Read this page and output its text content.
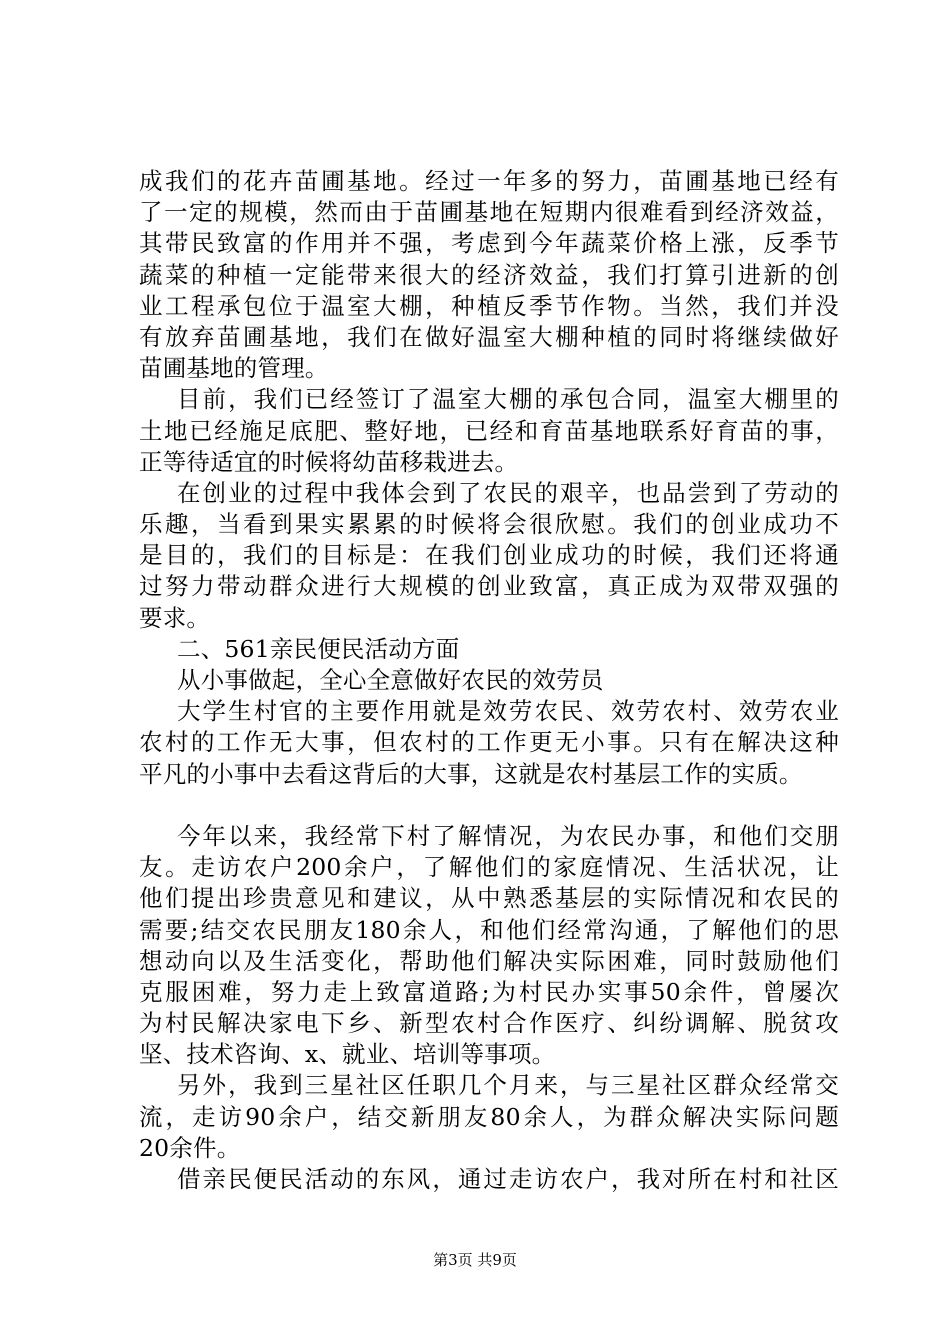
成我们的花卉苗圃基地。经过一年多的努力，苗圃基地已经有
了一定的规模，然而由于苗圃基地在短期内很难看到经济效益，
其带民致富的作用并不强，考虑到今年蔬菜价格上涨，反季节
蔬菜的种植一定能带来很大的经济效益，我们打算引进新的创
业工程承包位于温室大棚，种植反季节作物。当然，我们并没
有放弃苗圃基地，我们在做好温室大棚种植的同时将继续做好
苗圃基地的管理。
目前，我们已经签订了温室大棚的承包合同，温室大棚里的
土地已经施足底肥、整好地，已经和育苗基地联系好育苗的事，
正等待适宜的时候将幼苗移栽进去。
在创业的过程中我体会到了农民的艰辛，也品尝到了劳动的
乐趣，当看到果实累累的时候将会很欣慰。我们的创业成功不
是目的，我们的目标是：在我们创业成功的时候，我们还将通
过努力带动群众进行大规模的创业致富，真正成为双带双强的
要求。
二、561亲民便民活动方面
从小事做起，全心全意做好农民的效劳员
大学生村官的主要作用就是效劳农民、效劳农村、效劳农业
农村的工作无大事，但农村的工作更无小事。只有在解决这种
平凡的小事中去看这背后的大事，这就是农村基层工作的实质。
今年以来，我经常下村了解情况，为农民办事，和他们交朋
友。走访农户200余户，了解他们的家庭情况、生活状况，让
他们提出珍贵意见和建议，从中熟悉基层的实际情况和农民的
需要;结交农民朋友180余人，和他们经常沟通，了解他们的思
想动向以及生活变化，帮助他们解决实际困难，同时鼓励他们
克服困难，努力走上致富道路;为村民办实事50余件，曾屡次
为村民解决家电下乡、新型农村合作医疗、纠纷调解、脱贫攻
坚、技术咨询、x、就业、培训等事项。
另外，我到三星社区任职几个月来，与三星社区群众经常交
流，走访90余户，结交新朋友80余人，为群众解决实际问题
20余件。
借亲民便民活动的东风，通过走访农户，我对所在村和社区
第3页 共9页
